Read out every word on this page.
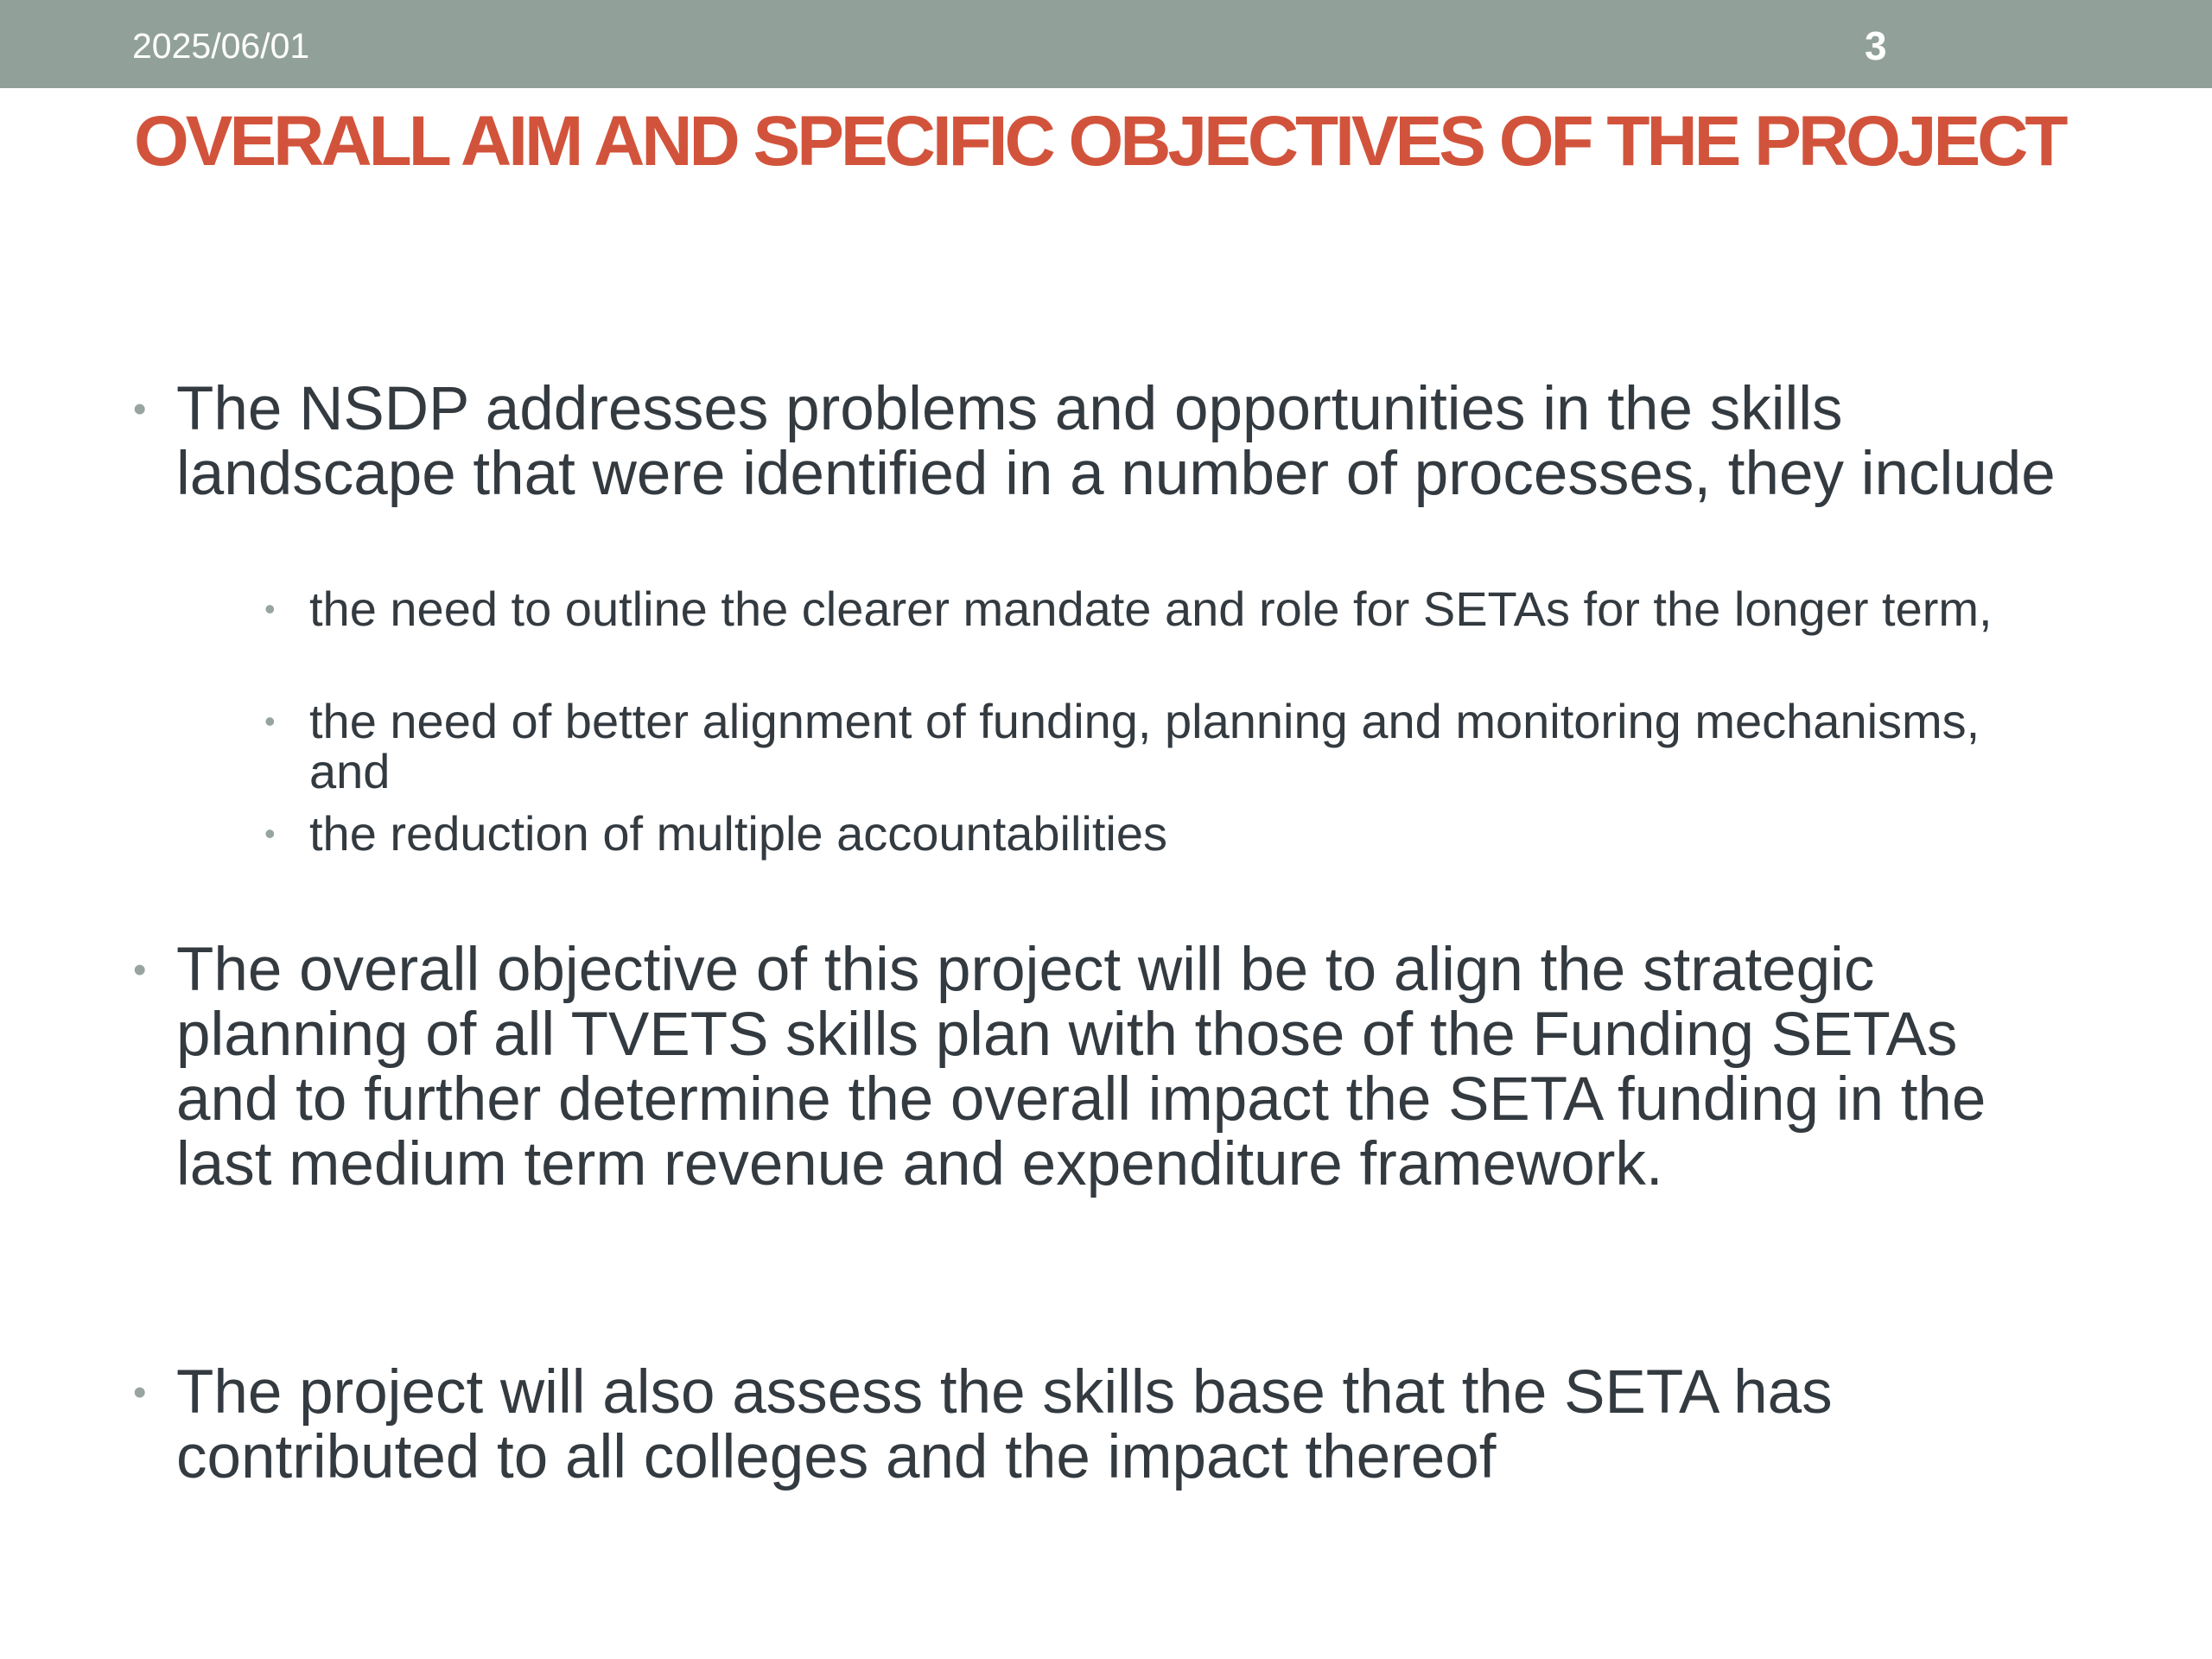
2025/06/01	3
OVERALL AIM AND SPECIFIC OBJECTIVES OF THE PROJECT
• The NSDP addresses problems and opportunities in the skills landscape that were identified in a number of processes, they include
• the need to outline the clearer mandate and role for SETAs for the longer term,
• the need of better alignment of funding, planning and monitoring mechanisms, and
• the reduction of multiple accountabilities
• The overall objective of this project will be to align the strategic planning of all TVETS skills plan with those of the Funding SETAs and to further determine the overall impact the SETA funding in the last medium term revenue and expenditure framework.
• The project will also assess the skills base that the SETA has contributed to all colleges and the impact thereof
